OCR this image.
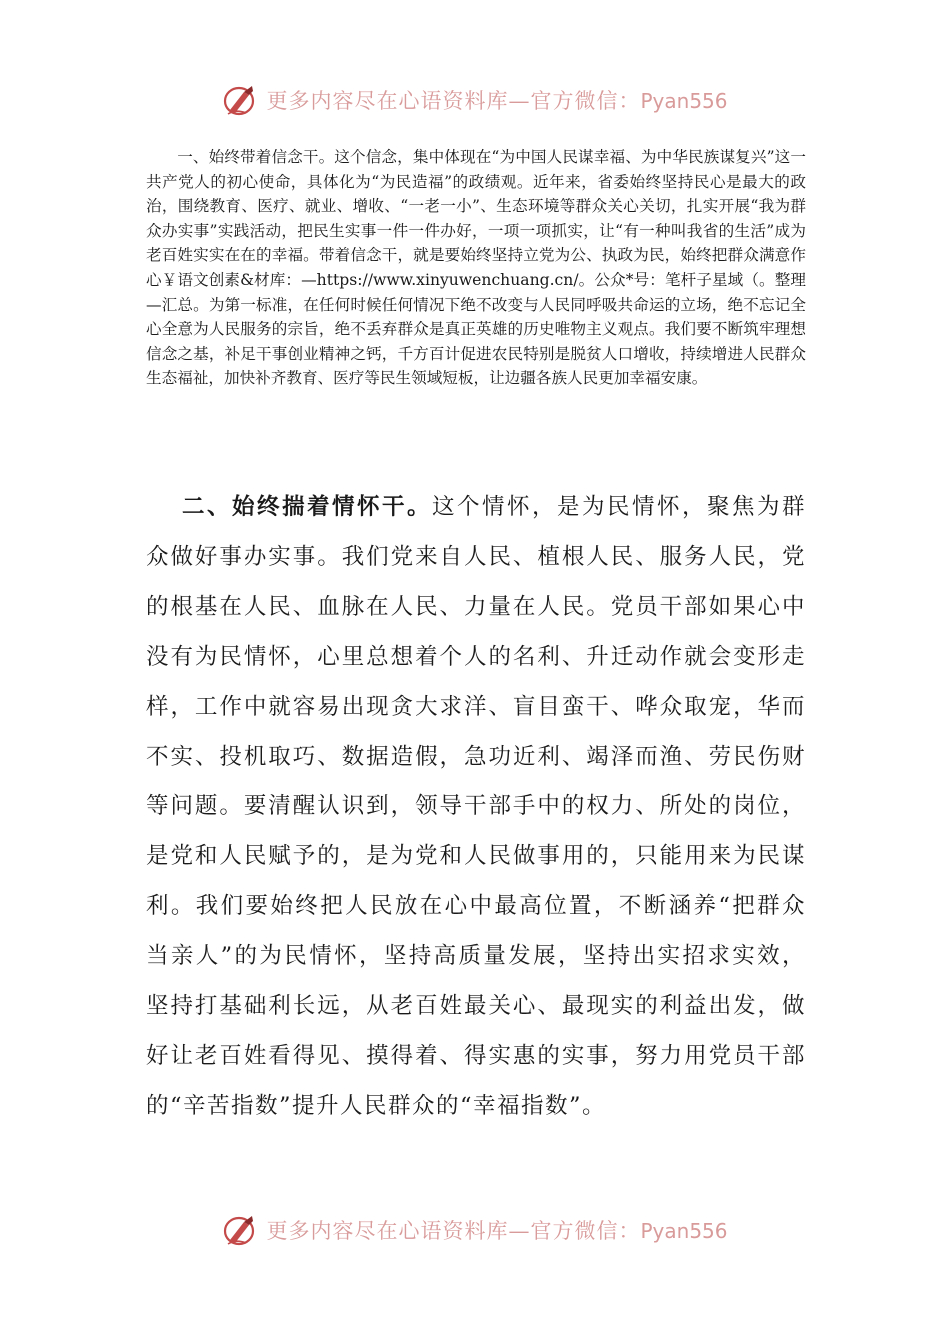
更多内容尽在心语资料库—官方微信：Pyan556

一、始终带着信念干。这个信念，集中体现在“为中国人民谋幸福、为中华民族谋复兴”这一共产党人的初心使命，具体化为“为民造福”的政绩观。近年来，省委始终坚持民心是最大的政治，围绕教育、医疗、就业、增收、“一老一小”、生态环境等群众关心关切，扎实开展“我为群众办实事”实践活动，把民生实事一件一件办好，一项一项抓实，让“有一种叫我省的生活”成为老百姓实实在在的幸福。带着信念干，就是要始终坚持立党为公、执政为民，始终把群众满意作心￥语文创素&材库：—https://www.xinyuwenchuang.cn/。公众*号：笔杆子星域（。整理—汇总。为第一标准，在任何时候任何情况下绝不改变与人民同呼吸共命运的立场，绝不忘记全心全意为人民服务的宗旨，绝不丢弃群众是真正英雄的历史唯物主义观点。我们要不断筑牢理想信念之基，补足干事创业精神之钙，千方百计促进农民特别是脱贫人口增收，持续增进人民群众生态福祉，加快补齐教育、医疗等民生领域短板，让边疆各族人民更加幸福安康。

二、始终揣着情怀干。这个情怀，是为民情怀，聚焦为群众做好事办实事。我们党来自人民、植根人民、服务人民，党的根基在人民、血脉在人民、力量在人民。党员干部如果心中没有为民情怀，心里总想着个人的名利、升迁动作就会变形走样，工作中就容易出现贪大求洋、盲目蛮干、哗众取宠，华而不实、投机取巧、数据造假，急功近利、竭泽而渔、劳民伤财等问题。要清醒认识到，领导干部手中的权力、所处的岗位，是党和人民赋予的，是为党和人民做事用的，只能用来为民谋利。我们要始终把人民放在心中最高位置，不断涵养“把群众当亲人”的为民情怀，坚持高质量发展，坚持出实招求实效，坚持打基础利长远，从老百姓最关心、最现实的利益出发，做好让老百姓看得见、摸得着、得实惠的实事，努力用党员干部的“辛苦指数”提升人民群众的“幸福指数”。

更多内容尽在心语资料库—官方微信：Pyan556
